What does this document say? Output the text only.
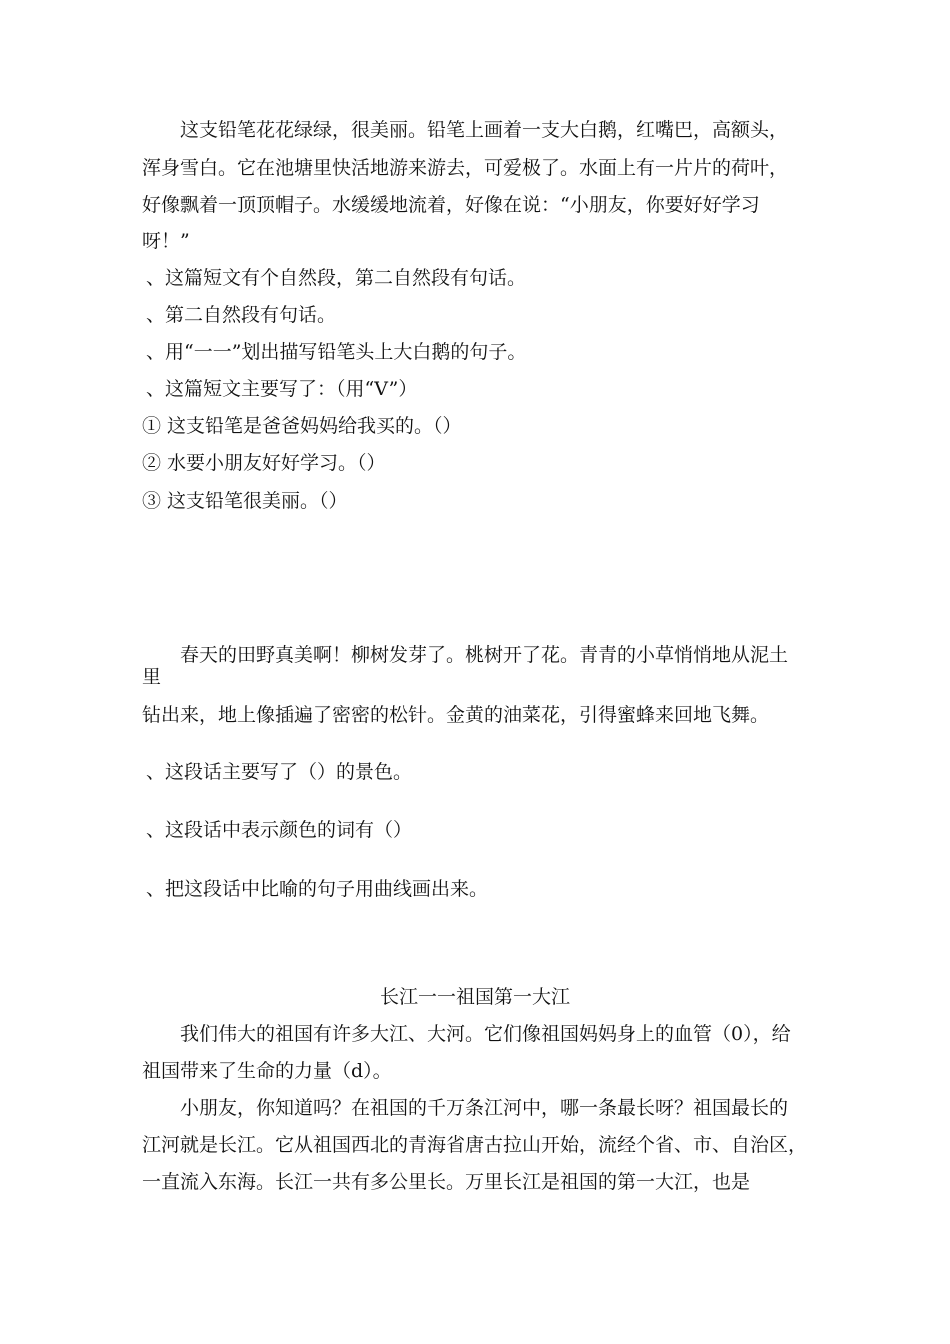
这支铅笔花花绿绿，很美丽。铅笔上画着一支大白鹅，红嘴巴，高额头，

浑身雪白。它在池塘里快活地游来游去，可爱极了。水面上有一片片的荷叶，

好像飘着一顶顶帽子。水缓缓地流着，好像在说：“小朋友，你要好好学习

呀！”

、这篇短文有个自然段，第二自然段有句话。

、第二自然段有句话。

、用“一一”划出描写铅笔头上大白鹅的句子。

、这篇短文主要写了：（用“V”）

① 这支铅笔是爸爸妈妈给我买的。（）

② 水要小朋友好好学习。（）

③ 这支铅笔很美丽。（）

春天的田野真美啊！柳树发芽了。桃树开了花。青青的小草悄悄地从泥土

里

钻出来，地上像插遍了密密的松针。金黄的油菜花，引得蜜蜂来回地飞舞。

、这段话主要写了（）的景色。

、这段话中表示颜色的词有（）

、把这段话中比喻的句子用曲线画出来。

长江一一祖国第一大江

我们伟大的祖国有许多大江、大河。它们像祖国妈妈身上的血管（0），给

祖国带来了生命的力量（d）。

小朋友，你知道吗？在祖国的千万条江河中，哪一条最长呀？祖国最长的

江河就是长江。它从祖国西北的青海省唐古拉山开始，流经个省、市、自治区，

一直流入东海。长江一共有多公里长。万里长江是祖国的第一大江，也是
